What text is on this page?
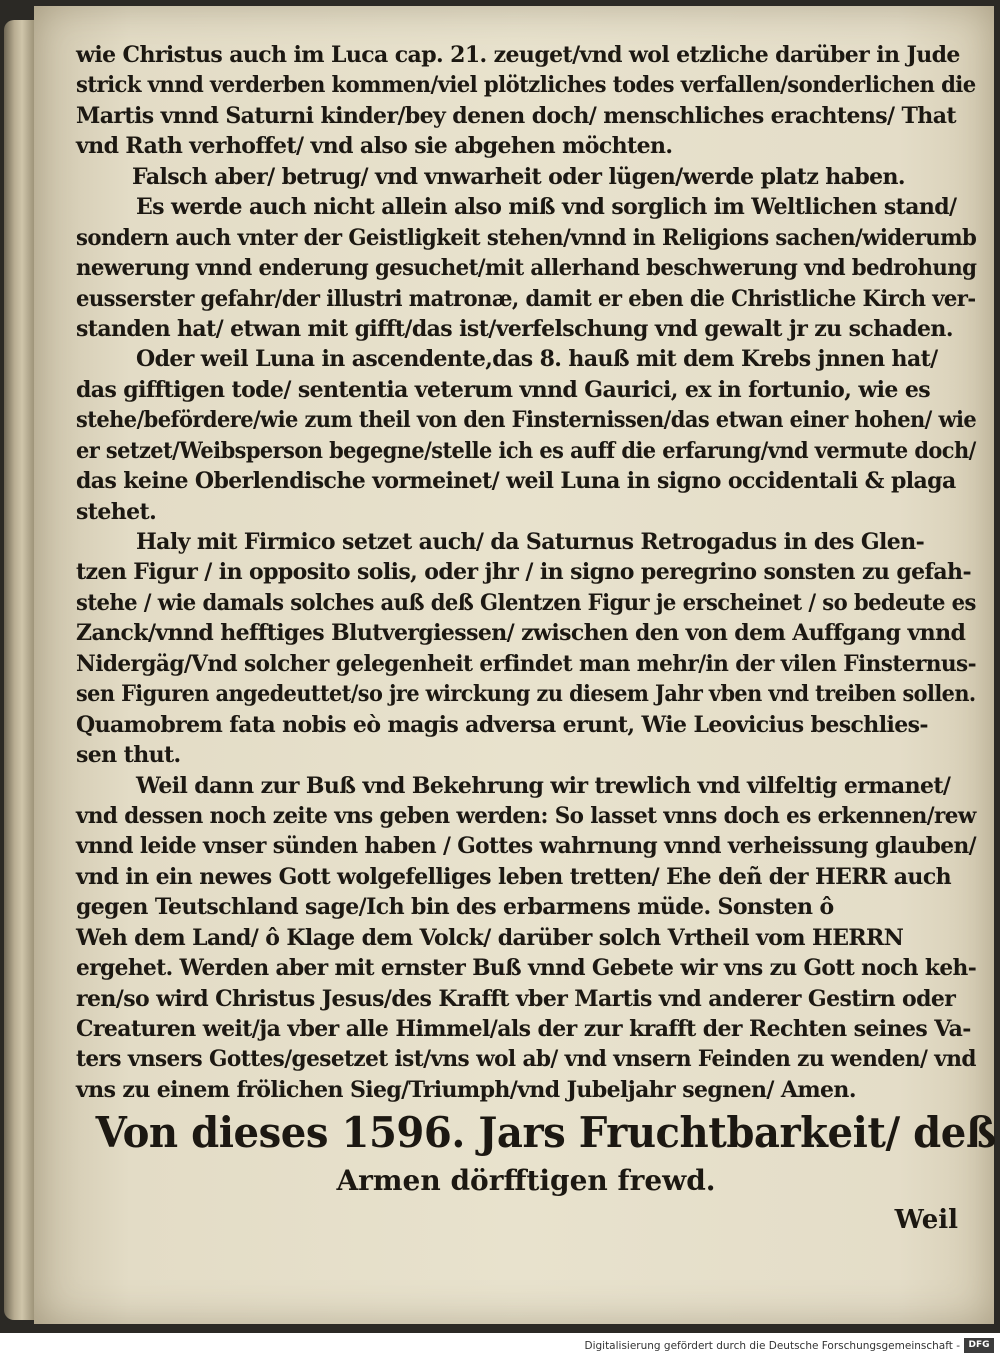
wie Christus auch im Luca cap. 21. zeuget/vnd wol etzliche darüber in Jude
strick vnnd verderben kommen/viel plötzliches todes verfallen/sonderlichen die
Martis vnnd Saturni kinder/bey denen doch/ menschliches erachtens/ That
vnd Rath verhoffet/ vnd also sie abgehen möchten.
Falsch aber/ betrug/ vnd vnwarheit oder lügen/werde platz haben.
Es werde auch nicht allein also miß vnd sorglich im Weltlichen stand/
sondern auch vnter der Geistligkeit stehen/vnnd in Religions sachen/widerumb
newerung vnnd enderung gesuchet/mit allerhand beschwerung vnd bedrohung
eusserster gefahr/der illustri matronæ, damit er eben die Christliche Kirch ver-
standen hat/ etwan mit gifft/das ist/verfelschung vnd gewalt jr zu schaden.
Oder weil Luna in ascendente,das 8. hauß mit dem Krebs jnnen hat/
das gifftigen tode/ sententia veterum vnnd Gaurici, ex in fortunio, wie es
stehe/befördere/wie zum theil von den Finsternissen/das etwan einer hohen/ wie
er setzet/Weibsperson begegne/stelle ich es auff die erfarung/vnd vermute doch/
das keine Oberlendische vormeinet/ weil Luna in signo occidentali & plaga
stehet.
Haly mit Firmico setzet auch/ da Saturnus Retrogadus in des Glen-
tzen Figur / in opposito solis, oder jhr / in signo peregrino sonsten zu gefah-
stehe / wie damals solches auß deß Glentzen Figur je erscheinet / so bedeute es
Zanck/vnnd hefftiges Blutvergiessen/ zwischen den von dem Auffgang vnnd
Nidergäg/Vnd solcher gelegenheit erfindet man mehr/in der vilen Finsternus-
sen Figuren angedeuttet/so jre wirckung zu diesem Jahr vben vnd treiben sollen.
Quamobrem fata nobis eò magis adversa erunt, Wie Leovicius beschlies-
sen thut.
Weil dann zur Buß vnd Bekehrung wir trewlich vnd vilfeltig ermanet/
vnd dessen noch zeite vns geben werden: So lasset vnns doch es erkennen/rew
vnnd leide vnser sünden haben / Gottes wahrnung vnnd verheissung glauben/
vnd in ein newes Gott wolgefelliges leben tretten/ Ehe deñ der HERR auch
gegen Teutschland sage/Ich bin des erbarmens müde. Sonsten ô
Weh dem Land/ ô Klage dem Volck/ darüber solch Vrtheil vom HERRN
ergehet. Werden aber mit ernster Buß vnnd Gebete wir vns zu Gott noch keh-
ren/so wird Christus Jesus/des Krafft vber Martis vnd anderer Gestirn oder
Creaturen weit/ja vber alle Himmel/als der zur krafft der Rechten seines Va-
ters vnsers Gottes/gesetzet ist/vns wol ab/ vnd vnsern Feinden zu wenden/ vnd
vns zu einem frölichen Sieg/Triumph/vnd Jubeljahr segnen/ Amen.
Von dieses 1596. Jars Fruchtbarkeit/ deß
Armen dörfftigen frewd.
Weil
Digitalisierung gefördert durch die Deutsche Forschungsgemeinschaft - DFG
